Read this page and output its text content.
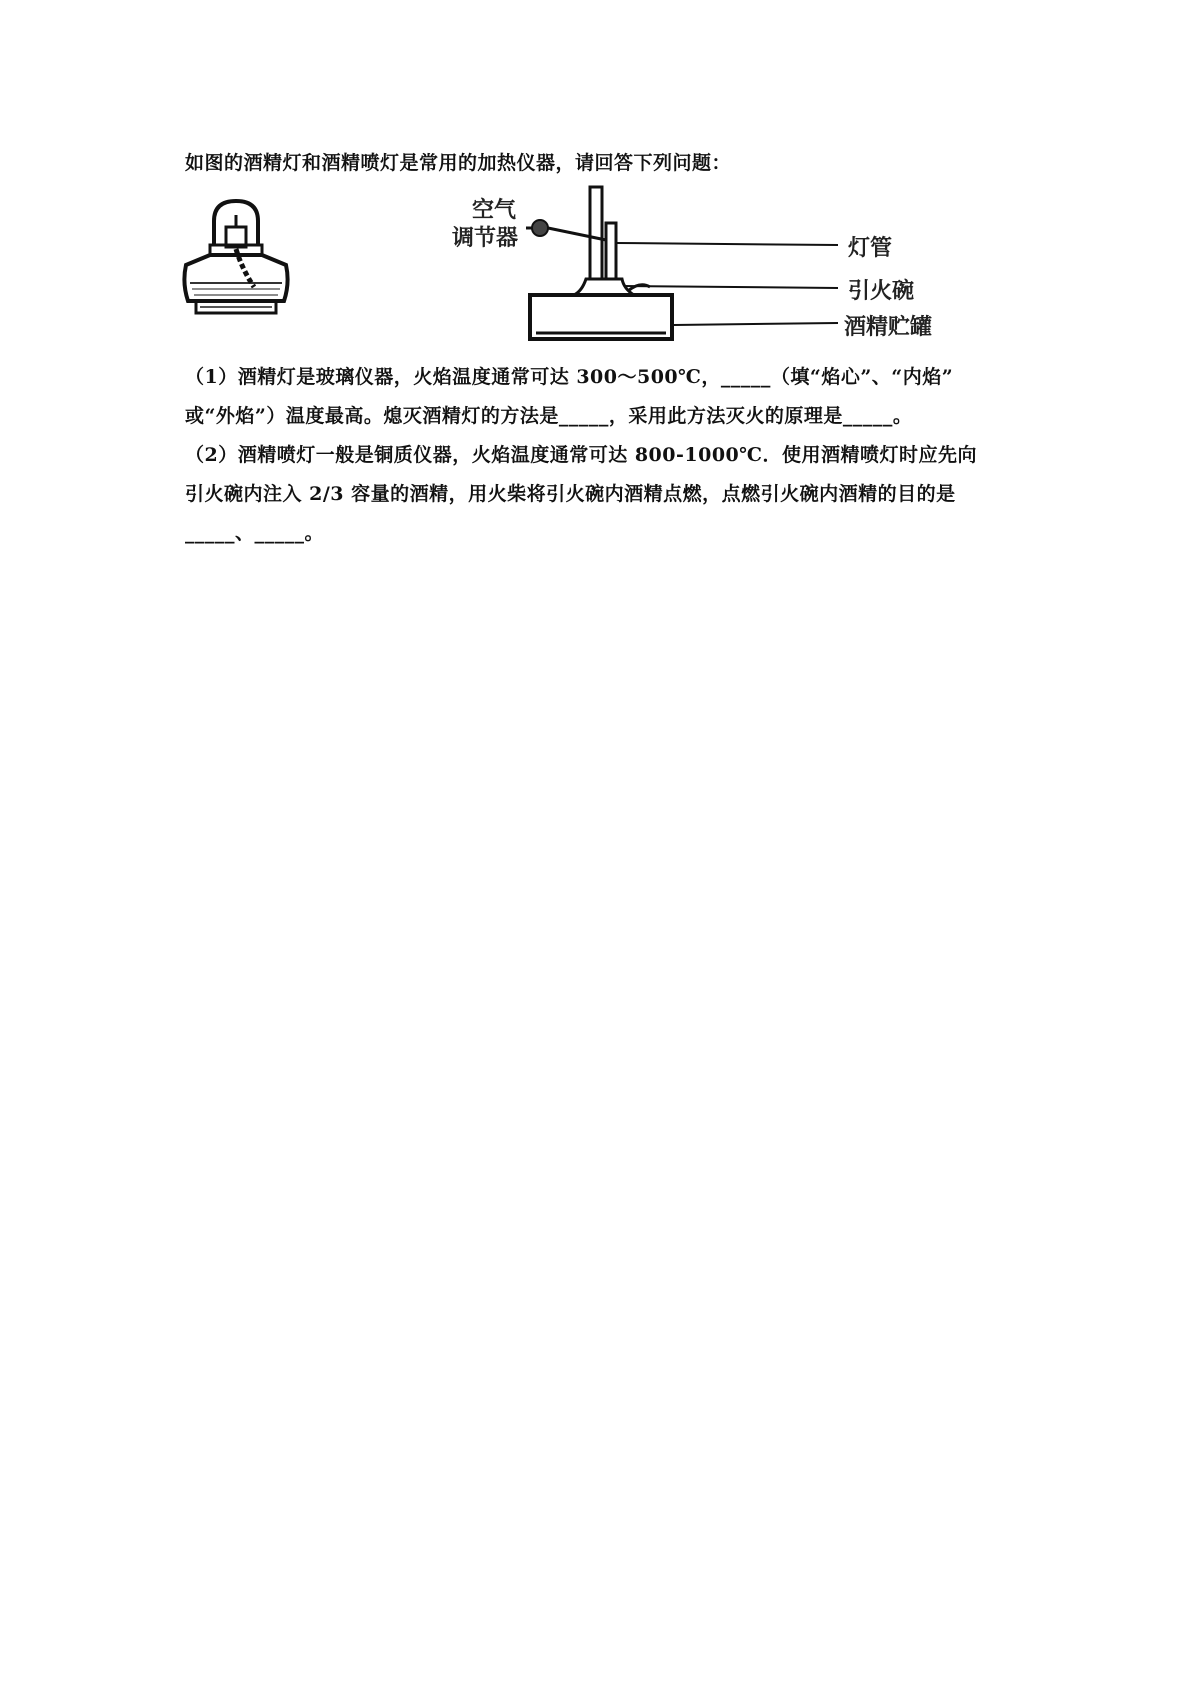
如图的酒精灯和酒精喷灯是常用的加热仪器，请回答下列问题：
空气
调节器	灯管
引火碗
酒精贮罐
（1）酒精灯是玻璃仪器，火焰温度通常可达 300～500℃，_____（填“焰心”、“内焰”
或“外焰”）温度最高。熄灭酒精灯的方法是_____，采用此方法灭火的原理是_____。
（2）酒精喷灯一般是铜质仪器，火焰温度通常可达 800-1000℃．使用酒精喷灯时应先向
引火碗内注入 2/3 容量的酒精，用火柴将引火碗内酒精点燃，点燃引火碗内酒精的目的是
_____、_____。
